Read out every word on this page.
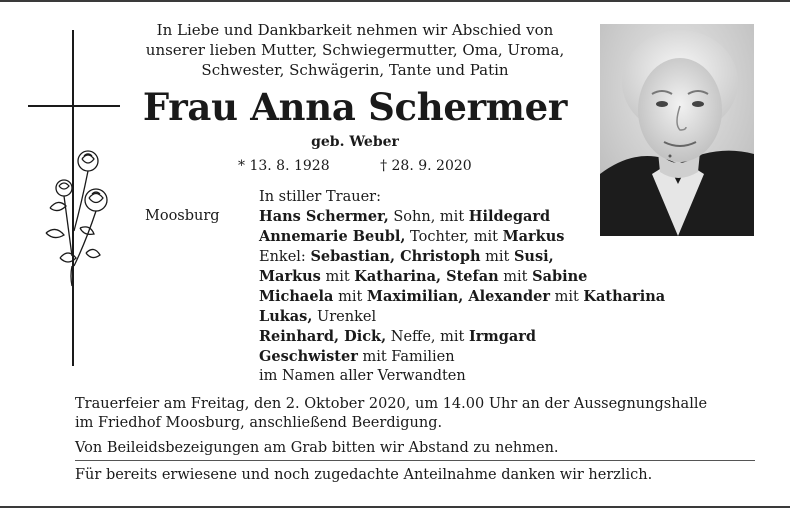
In Liebe und Dankbarkeit nehmen wir Abschied von
unserer lieben Mutter, Schwiegermutter, Oma, Uroma,
Schwester, Schwägerin, Tante und Patin
Frau Anna Schermer
geb. Weber
* 13. 8. 1928	† 28. 9. 2020
In stiller Trauer:
Moosburg	Hans Schermer, Sohn, mit Hildegard
Annemarie Beubl, Tochter, mit Markus
Enkel: Sebastian, Christoph mit Susi,
Markus mit Katharina, Stefan mit Sabine
Michaela mit Maximilian, Alexander mit Katharina
Lukas, Urenkel
Reinhard, Dick, Neffe, mit Irmgard
Geschwister mit Familien
im Namen aller Verwandten

Trauerfeier am Freitag, den 2. Oktober 2020, um 14.00 Uhr an der Aussegnungshalle

im Friedhof Moosburg, anschließend Beerdigung.

Von Beileidsbezeigungen am Grab bitten wir Abstand zu nehmen.

Für bereits erwiesene und noch zugedachte Anteilnahme danken wir herzlich.
